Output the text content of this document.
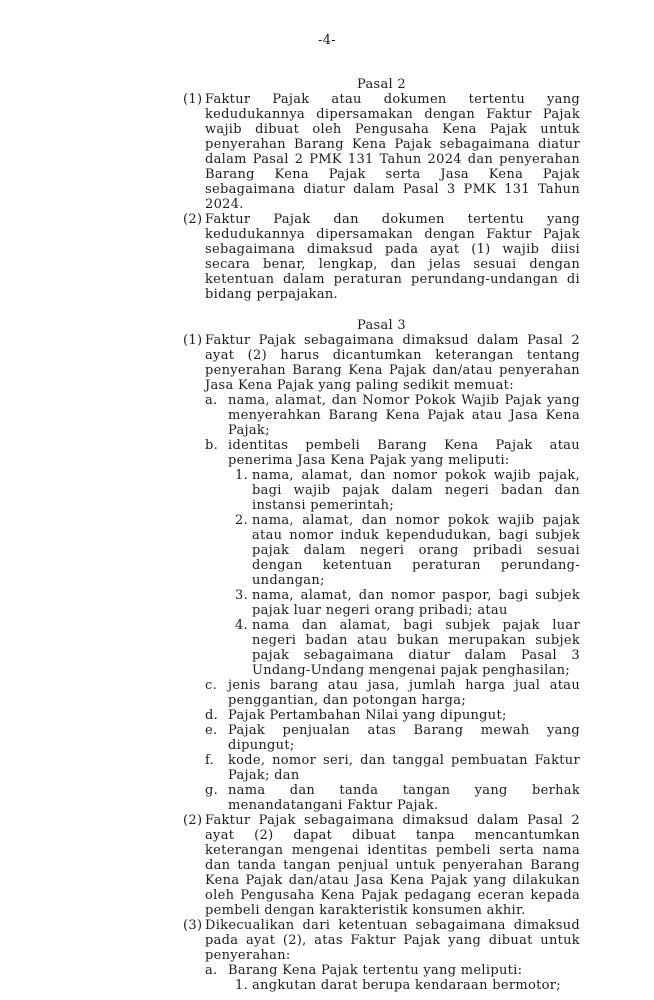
-4-
Pasal 2
(1) Faktur Pajak atau dokumen tertentu yang kedudukannya dipersamakan dengan Faktur Pajak wajib dibuat oleh Pengusaha Kena Pajak untuk penyerahan Barang Kena Pajak sebagaimana diatur dalam Pasal 2 PMK 131 Tahun 2024 dan penyerahan Barang Kena Pajak serta Jasa Kena Pajak sebagaimana diatur dalam Pasal 3 PMK 131 Tahun 2024.
(2) Faktur Pajak dan dokumen tertentu yang kedudukannya dipersamakan dengan Faktur Pajak sebagaimana dimaksud pada ayat (1) wajib diisi secara benar, lengkap, dan jelas sesuai dengan ketentuan dalam peraturan perundang-undangan di bidang perpajakan.
Pasal 3
(1) Faktur Pajak sebagaimana dimaksud dalam Pasal 2 ayat (2) harus dicantumkan keterangan tentang penyerahan Barang Kena Pajak dan/atau penyerahan Jasa Kena Pajak yang paling sedikit memuat:
a. nama, alamat, dan Nomor Pokok Wajib Pajak yang menyerahkan Barang Kena Pajak atau Jasa Kena Pajak;
b. identitas pembeli Barang Kena Pajak atau penerima Jasa Kena Pajak yang meliputi:
1. nama, alamat, dan nomor pokok wajib pajak, bagi wajib pajak dalam negeri badan dan instansi pemerintah;
2. nama, alamat, dan nomor pokok wajib pajak atau nomor induk kependudukan, bagi subjek pajak dalam negeri orang pribadi sesuai dengan ketentuan peraturan perundang-undangan;
3. nama, alamat, dan nomor paspor, bagi subjek pajak luar negeri orang pribadi; atau
4. nama dan alamat, bagi subjek pajak luar negeri badan atau bukan merupakan subjek pajak sebagaimana diatur dalam Pasal 3 Undang-Undang mengenai pajak penghasilan;
c. jenis barang atau jasa, jumlah harga jual atau penggantian, dan potongan harga;
d. Pajak Pertambahan Nilai yang dipungut;
e. Pajak penjualan atas Barang mewah yang dipungut;
f. kode, nomor seri, dan tanggal pembuatan Faktur Pajak; dan
g. nama dan tanda tangan yang berhak menandatangani Faktur Pajak.
(2) Faktur Pajak sebagaimana dimaksud dalam Pasal 2 ayat (2) dapat dibuat tanpa mencantumkan keterangan mengenai identitas pembeli serta nama dan tanda tangan penjual untuk penyerahan Barang Kena Pajak dan/atau Jasa Kena Pajak yang dilakukan oleh Pengusaha Kena Pajak pedagang eceran kepada pembeli dengan karakteristik konsumen akhir.
(3) Dikecualikan dari ketentuan sebagaimana dimaksud pada ayat (2), atas Faktur Pajak yang dibuat untuk penyerahan:
a. Barang Kena Pajak tertentu yang meliputi:
1. angkutan darat berupa kendaraan bermotor;
